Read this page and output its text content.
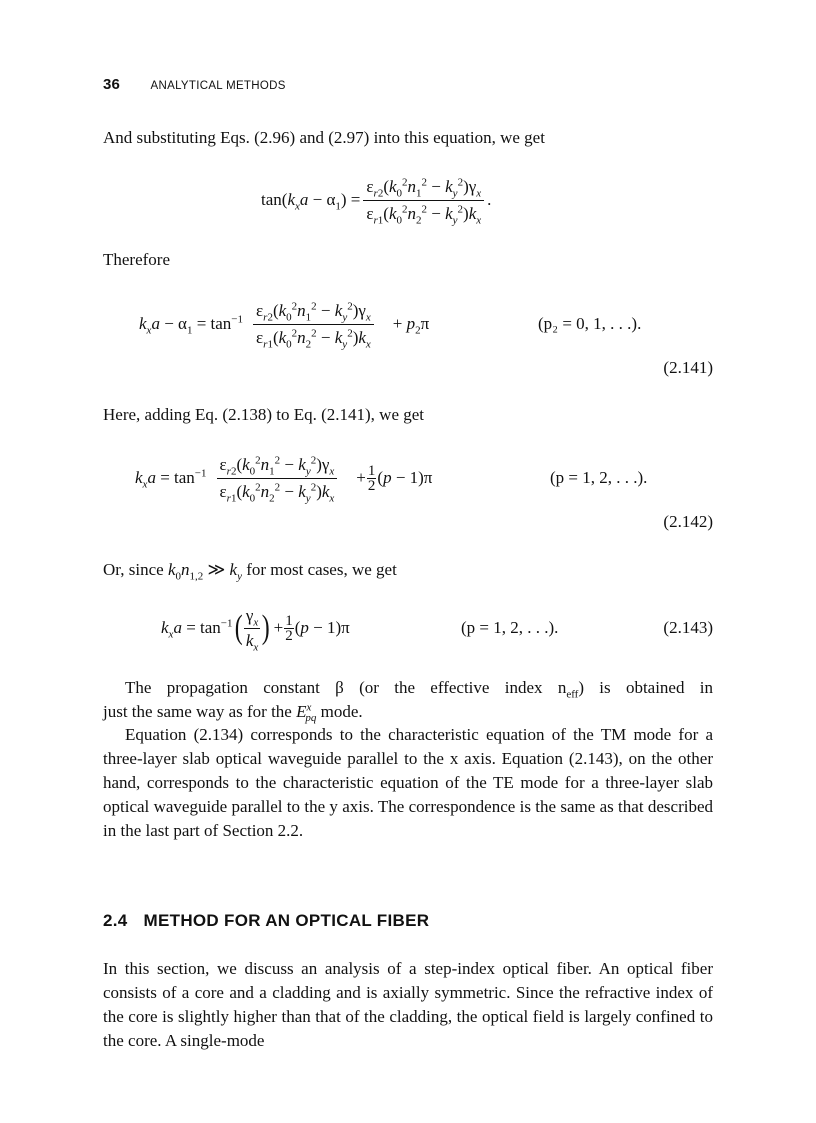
36	ANALYTICAL METHODS
And substituting Eqs. (2.96) and (2.97) into this equation, we get
$\tan(k_xa - \alpha_1) = \frac{\varepsilon_{r2}(k_0^2n_1^2 - k_y^2)\gamma_x}{\varepsilon_{r1}(k_0^2n_2^2 - k_y^2)k_x}$ .
Therefore
$k_xa - \alpha_1 = \tan^{-1} \frac{\varepsilon_{r2}(k_0^2n_1^2 - k_y^2)\gamma_x}{\varepsilon_{r1}(k_0^2n_2^2 - k_y^2)k_x} + p_2\pi$	(p₂ = 0, 1, . . .).
(2.141)
Here, adding Eq. (2.138) to Eq. (2.141), we get
$k_xa = \tan^{-1} \frac{\varepsilon_{r2}(k_0^2n_1^2 - k_y^2)\gamma_x}{\varepsilon_{r1}(k_0^2n_2^2 - k_y^2)k_x} + \frac{1}{2} (p - 1)\pi$	(p = 1, 2, . . .).
(2.142)
Or, since $k_0n_{1,2}$ ≫ $k_y$ for most cases, we get
$k_xa = \tan^{-1}$ ( $\frac{\gamma_x}{k_x}$ ) + $\frac{1}{2} (p - 1)\pi$	(p = 1, 2, . . .).	(2.143)
The propagation constant β (or the effective index $n_{eff}$) is obtained in
just the same way as for the $E^x_{pq}$ mode.
Equation (2.134) corresponds to the characteristic equation of the TM mode for a three-layer slab optical waveguide parallel to the x axis. Equation (2.143), on the other hand, corresponds to the characteristic equation of the TE mode for a three-layer slab optical waveguide parallel to the y axis. The correspondence is the same as that described in the last part of Section 2.2.
2.4 METHOD FOR AN OPTICAL FIBER
In this section, we discuss an analysis of a step-index optical fiber. An optical fiber consists of a core and a cladding and is axially symmetric. Since the refractive index of the core is slightly higher than that of the cladding, the optical field is largely confined to the core. A single-mode
